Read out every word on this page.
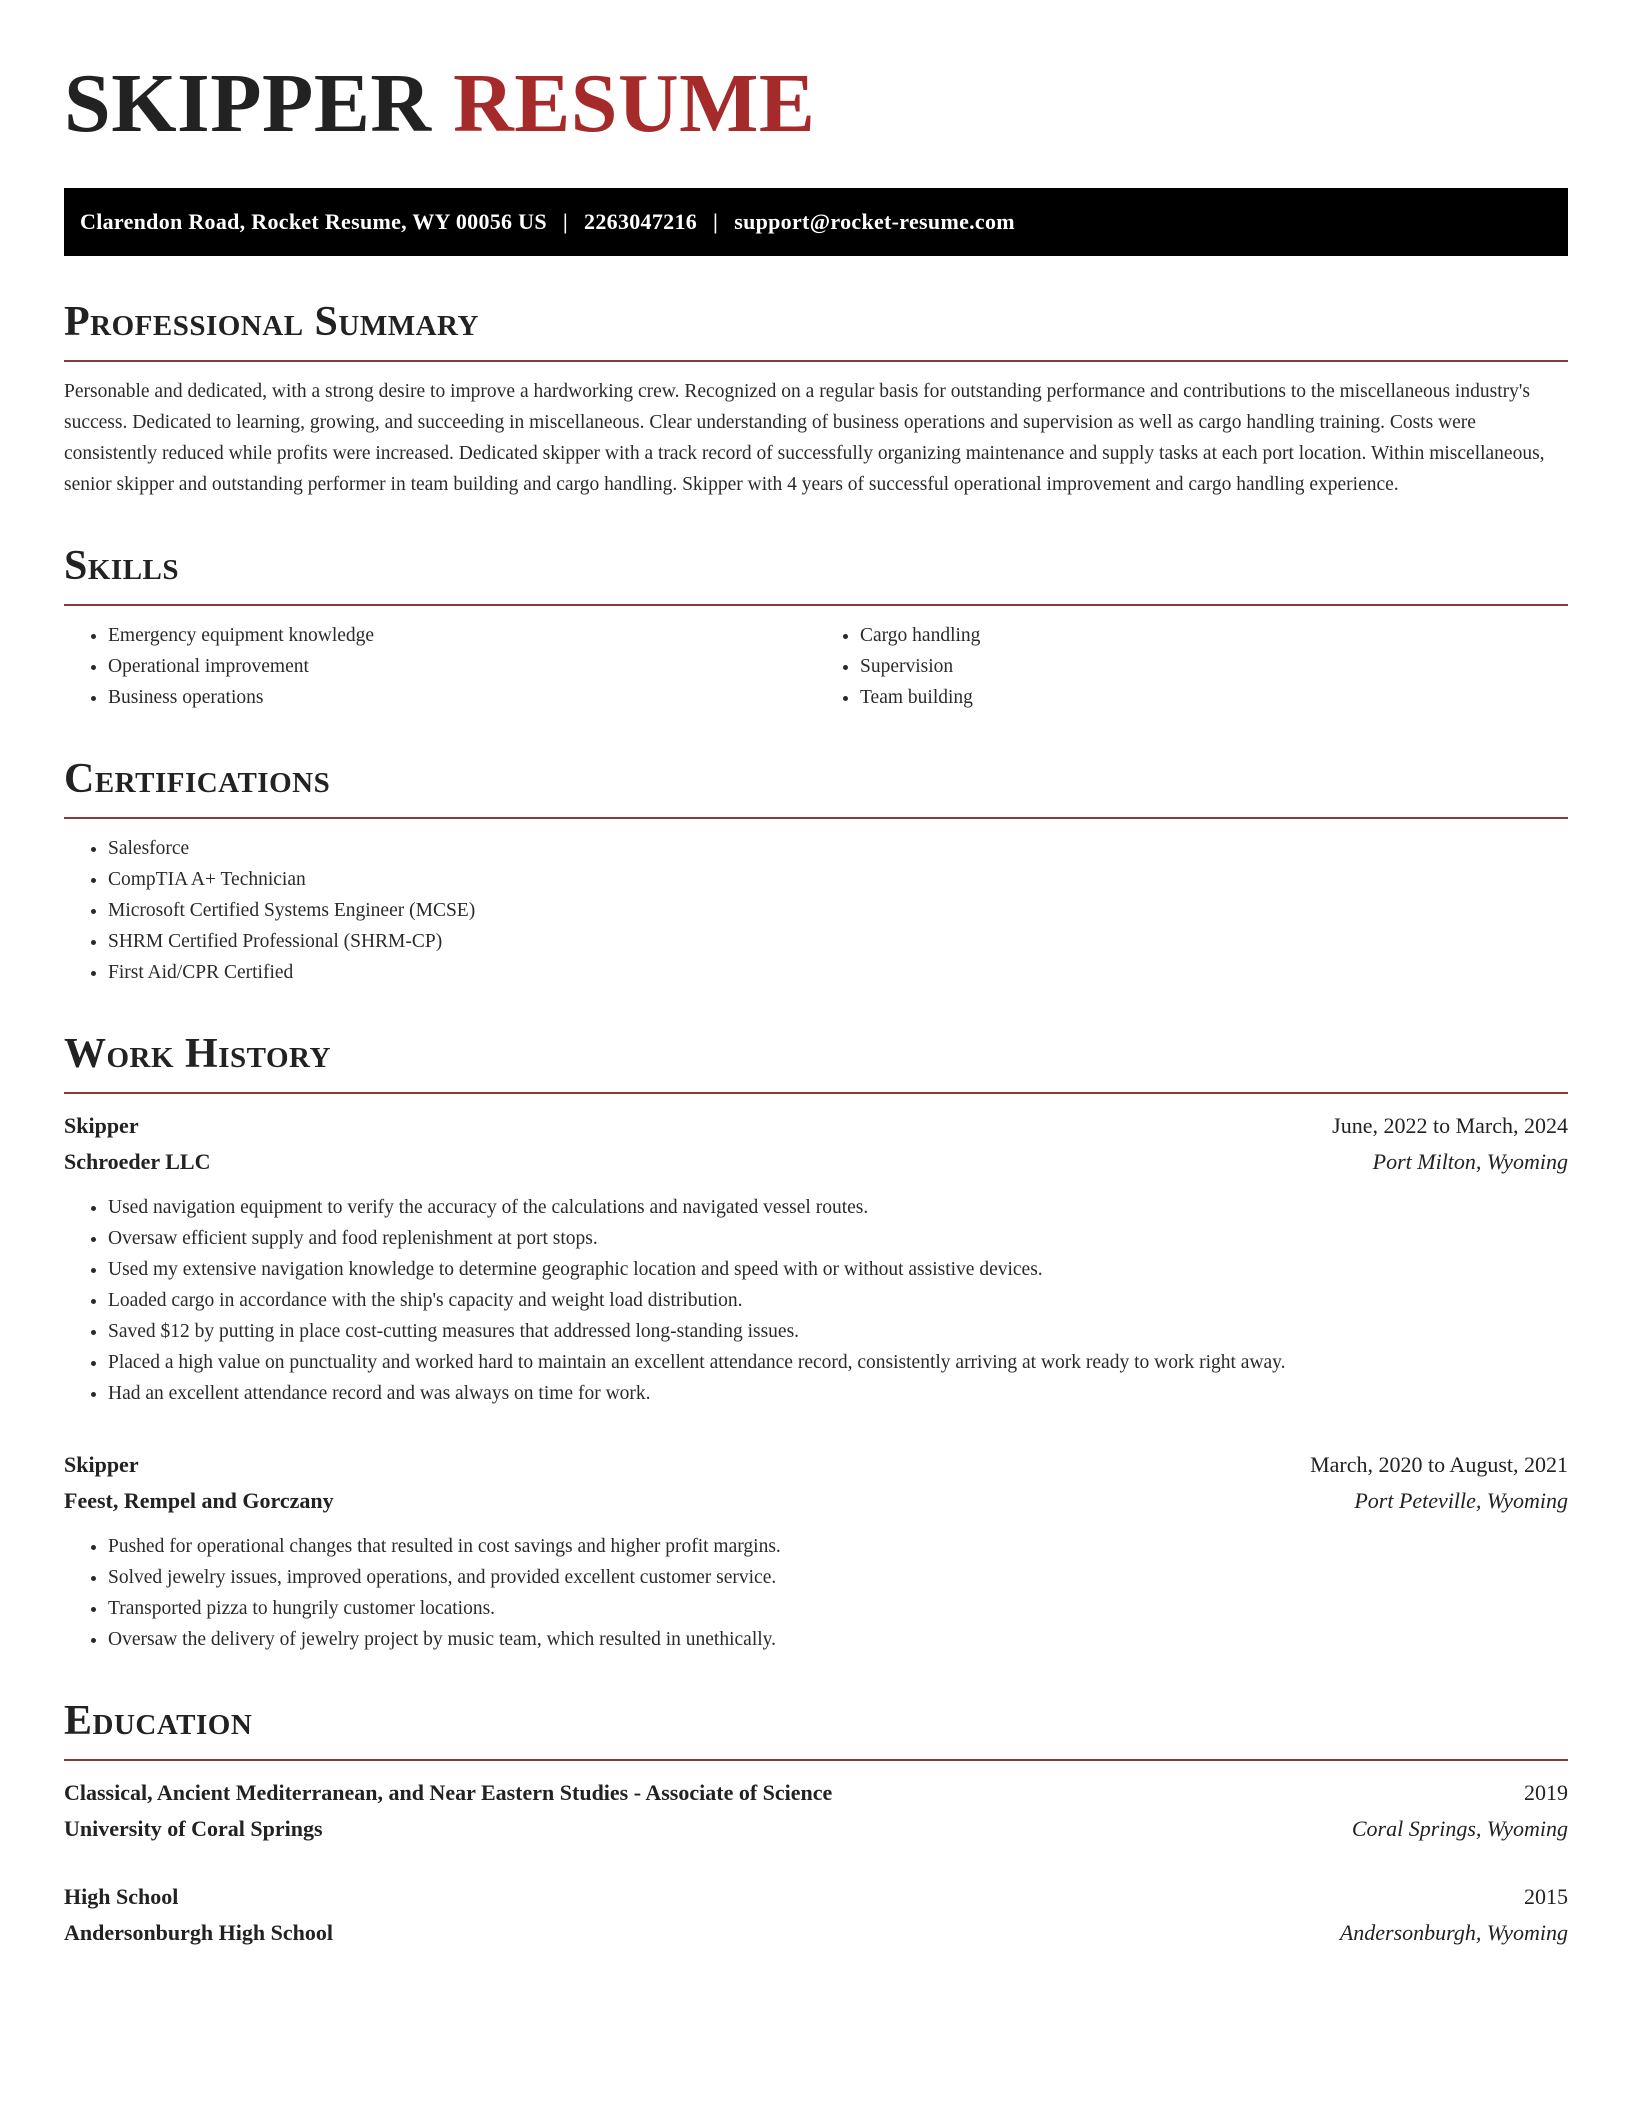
SKIPPER RESUME
Clarendon Road, Rocket Resume, WY 00056 US | 2263047216 | support@rocket-resume.com
Professional Summary

Personable and dedicated, with a strong desire to improve a hardworking crew. Recognized on a regular basis for outstanding performance and contributions to the miscellaneous industry's success. Dedicated to learning, growing, and succeeding in miscellaneous. Clear understanding of business operations and supervision as well as cargo handling training. Costs were consistently reduced while profits were increased. Dedicated skipper with a track record of successfully organizing maintenance and supply tasks at each port location. Within miscellaneous, senior skipper and outstanding performer in team building and cargo handling. Skipper with 4 years of successful operational improvement and cargo handling experience.

Skills
• Emergency equipment knowledge
• Operational improvement
• Business operations
• Cargo handling
• Supervision
• Team building
Certifications
• Salesforce
• CompTIA A+ Technician
• Microsoft Certified Systems Engineer (MCSE)
• SHRM Certified Professional (SHRM-CP)
• First Aid/CPR Certified
Work History
Skipper	June, 2022 to March, 2024
Schroeder LLC	Port Milton, Wyoming
• Used navigation equipment to verify the accuracy of the calculations and navigated vessel routes.
• Oversaw efficient supply and food replenishment at port stops.
• Used my extensive navigation knowledge to determine geographic location and speed with or without assistive devices.
• Loaded cargo in accordance with the ship's capacity and weight load distribution.
• Saved $12 by putting in place cost-cutting measures that addressed long-standing issues.
• Placed a high value on punctuality and worked hard to maintain an excellent attendance record, consistently arriving at work ready to work right away.
• Had an excellent attendance record and was always on time for work.
Skipper	March, 2020 to August, 2021
Feest, Rempel and Gorczany	Port Peteville, Wyoming
• Pushed for operational changes that resulted in cost savings and higher profit margins.
• Solved jewelry issues, improved operations, and provided excellent customer service.
• Transported pizza to hungrily customer locations.
• Oversaw the delivery of jewelry project by music team, which resulted in unethically.
Education
Classical, Ancient Mediterranean, and Near Eastern Studies - Associate of Science	2019
University of Coral Springs	Coral Springs, Wyoming
High School	2015
Andersonburgh High School	Andersonburgh, Wyoming
